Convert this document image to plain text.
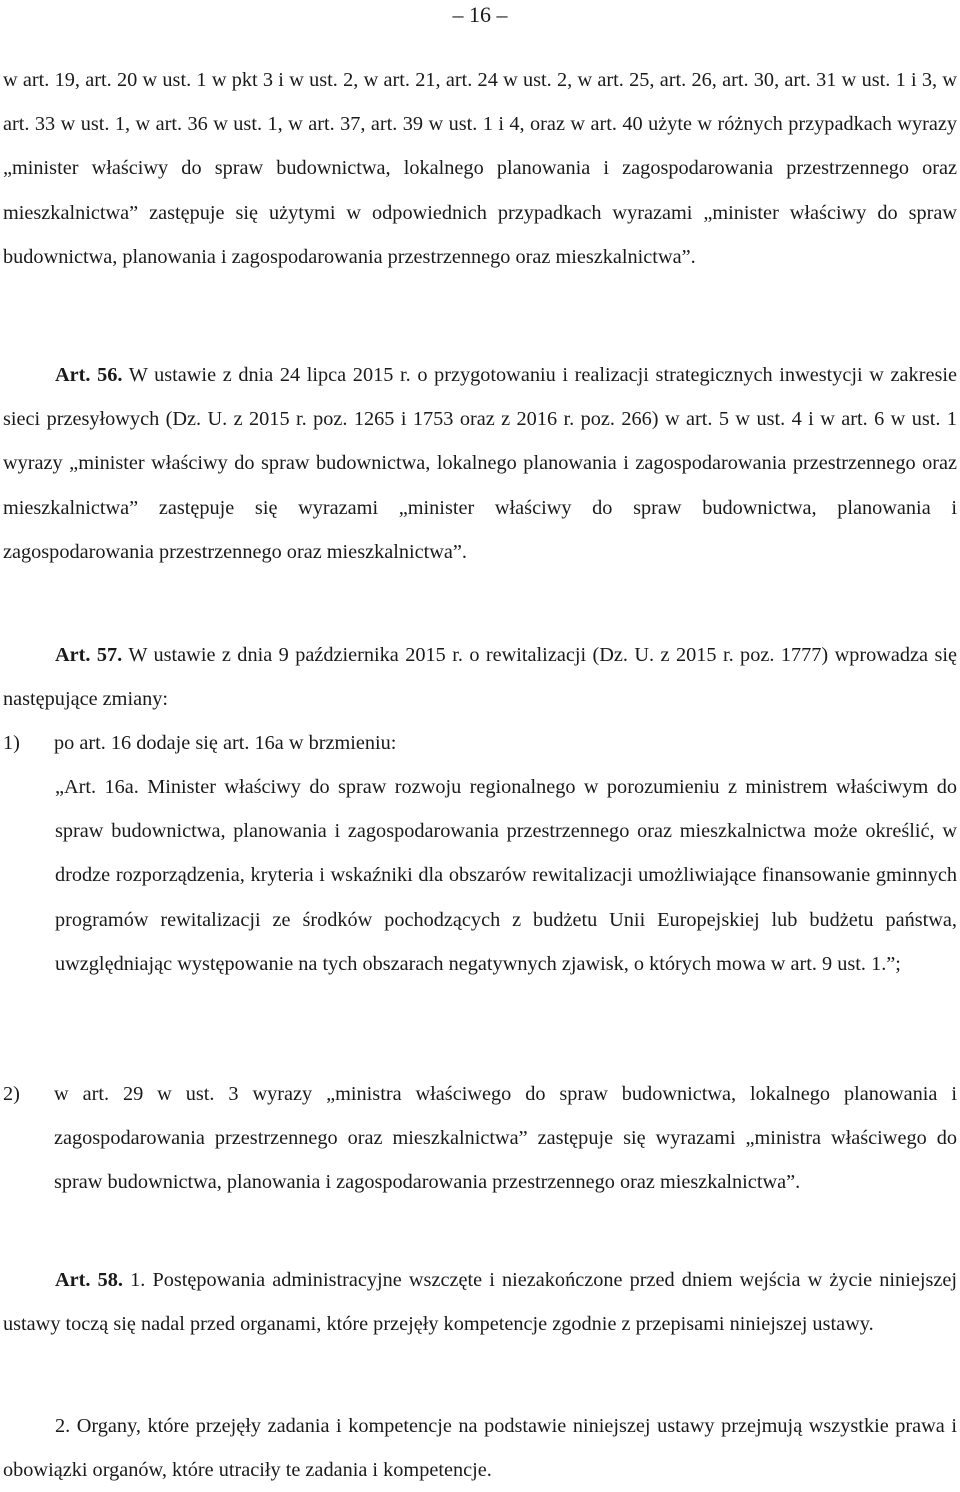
– 16 –

w art. 19, art. 20 w ust. 1 w pkt 3 i w ust. 2, w art. 21, art. 24 w ust. 2, w art. 25, art. 26, art. 30, art. 31 w ust. 1 i 3, w art. 33 w ust. 1, w art. 36 w ust. 1, w art. 37, art. 39 w ust. 1 i 4, oraz w art. 40 użyte w różnych przypadkach wyrazy „minister właściwy do spraw budownictwa, lokalnego planowania i zagospodarowania przestrzennego oraz mieszkalnictwa” zastępuje się użytymi w odpowiednich przypadkach wyrazami „minister właściwy do spraw budownictwa, planowania i zagospodarowania przestrzennego oraz mieszkalnictwa”.

Art. 56. W ustawie z dnia 24 lipca 2015 r. o przygotowaniu i realizacji strategicznych inwestycji w zakresie sieci przesyłowych (Dz. U. z 2015 r. poz. 1265 i 1753 oraz z 2016 r. poz. 266) w art. 5 w ust. 4 i w art. 6 w ust. 1 wyrazy „minister właściwy do spraw budownictwa, lokalnego planowania i zagospodarowania przestrzennego oraz mieszkalnictwa” zastępuje się wyrazami „minister właściwy do spraw budownictwa, planowania i zagospodarowania przestrzennego oraz mieszkalnictwa”.

Art. 57. W ustawie z dnia 9 października 2015 r. o rewitalizacji (Dz. U. z 2015 r. poz. 1777) wprowadza się następujące zmiany:

1)	po art. 16 dodaje się art. 16a w brzmieniu:

„Art. 16a. Minister właściwy do spraw rozwoju regionalnego w porozumieniu z ministrem właściwym do spraw budownictwa, planowania i zagospodarowania przestrzennego oraz mieszkalnictwa może określić, w drodze rozporządzenia, kryteria i wskaźniki dla obszarów rewitalizacji umożliwiające finansowanie gminnych programów rewitalizacji ze środków pochodzących z budżetu Unii Europejskiej lub budżetu państwa, uwzględniając występowanie na tych obszarach negatywnych zjawisk, o których mowa w art. 9 ust. 1.”;

2)	w art. 29 w ust. 3 wyrazy „ministra właściwego do spraw budownictwa, lokalnego planowania i zagospodarowania przestrzennego oraz mieszkalnictwa” zastępuje się wyrazami „ministra właściwego do spraw budownictwa, planowania i zagospodarowania przestrzennego oraz mieszkalnictwa”.

Art. 58. 1. Postępowania administracyjne wszczęte i niezakończone przed dniem wejścia w życie niniejszej ustawy toczą się nadal przed organami, które przejęły kompetencje zgodnie z przepisami niniejszej ustawy.

2. Organy, które przejęły zadania i kompetencje na podstawie niniejszej ustawy przejmują wszystkie prawa i obowiązki organów, które utraciły te zadania i kompetencje.
